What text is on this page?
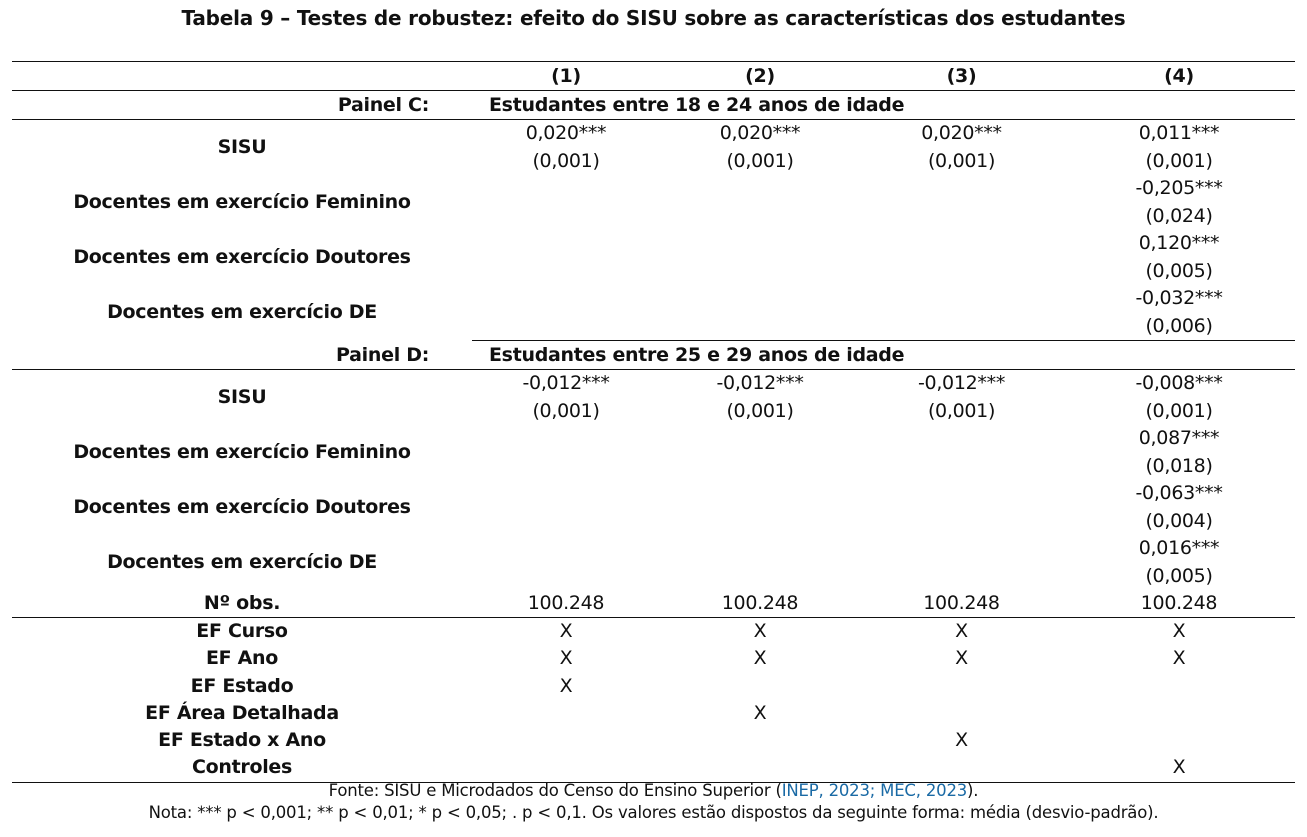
Tabela 9 – Testes de robustez: efeito do SISU sobre as características dos estudantes
	(1)	(2)	(3)	(4)
Painel C:	Estudantes entre 18 e 24 anos de idade			
SISU	0,020***	0,020***	0,020***	0,011***
	(0,001)	(0,001)	(0,001)	(0,001)
Docentes em exercício Feminino				-0,205***
				(0,024)
Docentes em exercício Doutores				0,120***
				(0,005)
Docentes em exercício DE				-0,032***
				(0,006)
Painel D:	Estudantes entre 25 e 29 anos de idade			
SISU	-0,012***	-0,012***	-0,012***	-0,008***
	(0,001)	(0,001)	(0,001)	(0,001)
Docentes em exercício Feminino				0,087***
				(0,018)
Docentes em exercício Doutores				-0,063***
				(0,004)
Docentes em exercício DE				0,016***
				(0,005)
Nº obs.	100.248	100.248	100.248	100.248
EF Curso	X	X	X	X
EF Ano	X	X	X	X
EF Estado	X			
EF Área Detalhada		X		
EF Estado x Ano			X	
Controles				X
Fonte: SISU e Microdados do Censo do Ensino Superior (INEP, 2023; MEC, 2023).
Nota: *** p < 0,001; ** p < 0,01; * p < 0,05; . p < 0,1. Os valores estão dispostos da seguinte forma: média (desvio-padrão).
